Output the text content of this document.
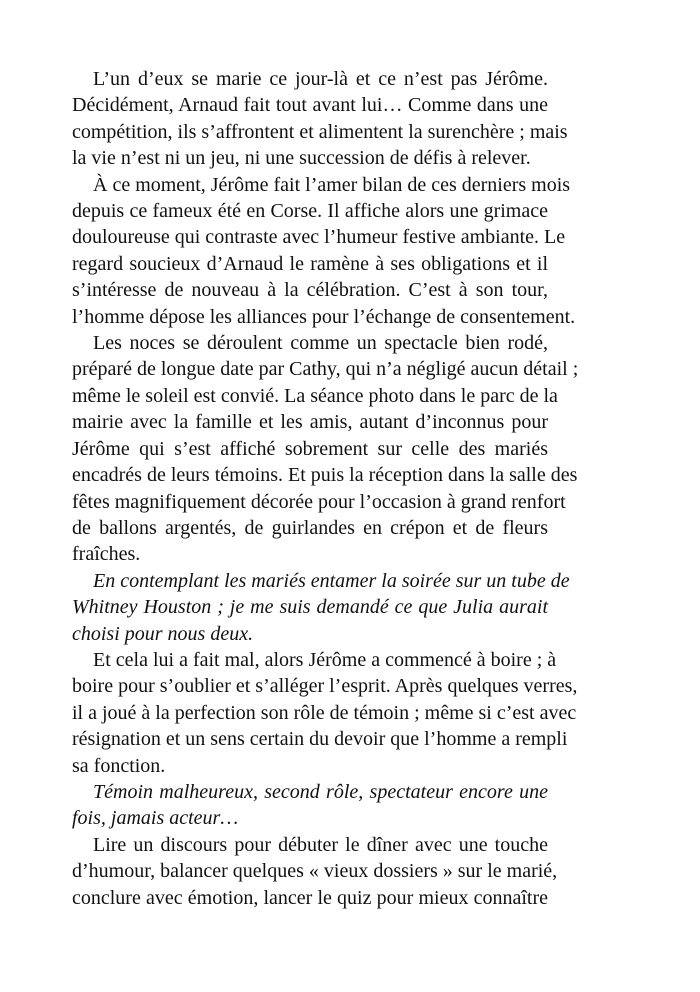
L’un d’eux se marie ce jour-là et ce n’est pas Jérôme.
Décidément, Arnaud fait tout avant lui… Comme dans une
compétition, ils s’affrontent et alimentent la surenchère ; mais
la vie n’est ni un jeu, ni une succession de défis à relever.
À ce moment, Jérôme fait l’amer bilan de ces derniers mois
depuis ce fameux été en Corse. Il affiche alors une grimace
douloureuse qui contraste avec l’humeur festive ambiante. Le
regard soucieux d’Arnaud le ramène à ses obligations et il
s’intéresse de nouveau à la célébration. C’est à son tour,
l’homme dépose les alliances pour l’échange de consentement.
Les noces se déroulent comme un spectacle bien rodé,
préparé de longue date par Cathy, qui n’a négligé aucun détail ;
même le soleil est convié. La séance photo dans le parc de la
mairie avec la famille et les amis, autant d’inconnus pour
Jérôme qui s’est affiché sobrement sur celle des mariés
encadrés de leurs témoins. Et puis la réception dans la salle des
fêtes magnifiquement décorée pour l’occasion à grand renfort
de ballons argentés, de guirlandes en crépon et de fleurs
fraîches.
En contemplant les mariés entamer la soirée sur un tube de
Whitney Houston ; je me suis demandé ce que Julia aurait
choisi pour nous deux.
Et cela lui a fait mal, alors Jérôme a commencé à boire ; à
boire pour s’oublier et s’alléger l’esprit. Après quelques verres,
il a joué à la perfection son rôle de témoin ; même si c’est avec
résignation et un sens certain du devoir que l’homme a rempli
sa fonction.
Témoin malheureux, second rôle, spectateur encore une
fois, jamais acteur…
Lire un discours pour débuter le dîner avec une touche
d’humour, balancer quelques « vieux dossiers » sur le marié,
conclure avec émotion, lancer le quiz pour mieux connaître
